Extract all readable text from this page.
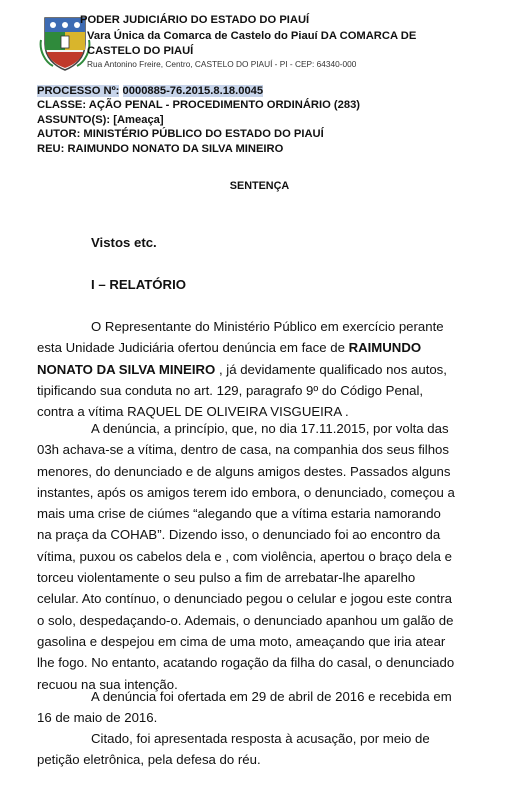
PODER JUDICIÁRIO DO ESTADO DO PIAUÍ
Vara Única da Comarca de Castelo do Piauí DA COMARCA DE
CASTELO DO PIAUÍ
Rua Antonino Freire, Centro, CASTELO DO PIAUÍ - PI - CEP: 64340-000
PROCESSO Nº: 0000885-76.2015.8.18.0045
CLASSE: AÇÃO PENAL - PROCEDIMENTO ORDINÁRIO (283)
ASSUNTO(S): [Ameaça]
AUTOR: MINISTÉRIO PÚBLICO DO ESTADO DO PIAUÍ
REU: RAIMUNDO NONATO DA SILVA MINEIRO
SENTENÇA
Vistos etc.
I – RELATÓRIO
O Representante do Ministério Público em exercício perante
esta Unidade Judiciária ofertou denúncia em face de RAIMUNDO
NONATO DA SILVA MINEIRO , já devidamente qualificado nos autos,
tipificando sua conduta no art. 129, paragrafo 9º do Código Penal,
contra a vítima RAQUEL DE OLIVEIRA VISGUEIRA .
A denúncia, a princípio, que, no dia 17.11.2015, por volta das
03h achava-se a vítima, dentro de casa, na companhia dos seus filhos
menores, do denunciado e de alguns amigos destes. Passados alguns
instantes, após os amigos terem ido embora, o denunciado, começou a
mais uma crise de ciúmes “alegando que a vítima estaria namorando
na praça da COHAB”. Dizendo isso, o denunciado foi ao encontro da
vítima, puxou os cabelos dela e , com violência, apertou o braço dela e
torceu violentamente o seu pulso a fim de arrebatar-lhe aparelho
celular. Ato contínuo, o denunciado pegou o celular e jogou este contra
o solo, despedaçando-o. Ademais, o denunciado apanhou um galão de
gasolina e despejou em cima de uma moto, ameaçando que iria atear
lhe fogo. No entanto, acatando rogação da filha do casal, o denunciado
recuou na sua intenção.
A denúncia foi ofertada em 29 de abril de 2016 e recebida em
16 de maio de 2016.
Citado, foi apresentada resposta à acusação, por meio de
petição eletrônica, pela defesa do réu.
